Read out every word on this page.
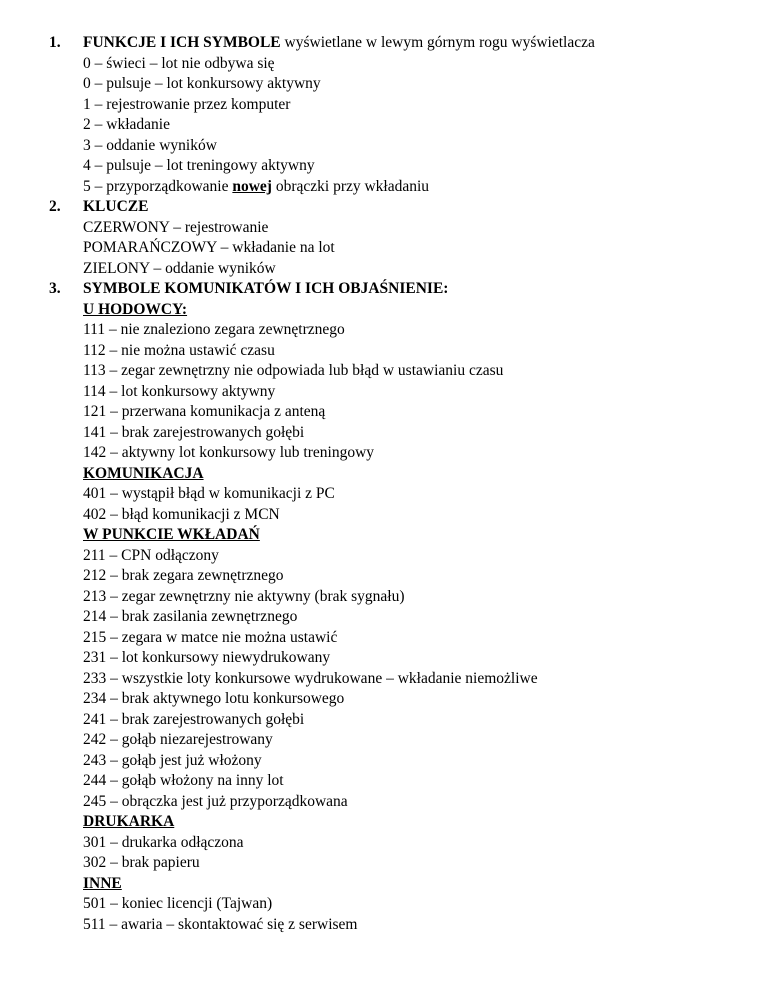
1. FUNKCJE I ICH SYMBOLE wyświetlane w lewym górnym rogu wyświetlacza
0 – świeci – lot nie odbywa się
0 – pulsuje – lot konkursowy aktywny
1 – rejestrowanie przez komputer
2 – wkładanie
3 – oddanie wyników
4 – pulsuje – lot treningowy aktywny
5 – przyporządkowanie nowej obrączki przy wkładaniu
2. KLUCZE
CZERWONY – rejestrowanie
POMARAŃCZOWY – wkładanie na lot
ZIELONY – oddanie wyników
3. SYMBOLE KOMUNIKATÓW I ICH OBJAŚNIENIE:
U HODOWCY:
111 – nie znaleziono zegara zewnętrznego
112 – nie można ustawić czasu
113 – zegar zewnętrzny nie odpowiada lub błąd w ustawianiu czasu
114 – lot konkursowy aktywny
121 – przerwana komunikacja z anteną
141 – brak zarejestrowanych gołębi
142 – aktywny lot konkursowy lub treningowy
KOMUNIKACJA
401 – wystąpił błąd w komunikacji z PC
402 – błąd komunikacji z MCN
W PUNKCIE WKŁADAŃ
211 – CPN odłączony
212 – brak zegara zewnętrznego
213 – zegar zewnętrzny nie aktywny (brak sygnału)
214 – brak zasilania zewnętrznego
215 – zegara w matce nie można ustawić
231 – lot konkursowy niewydrukowany
233 – wszystkie loty konkursowe wydrukowane – wkładanie niemożliwe
234 – brak aktywnego lotu konkursowego
241 – brak zarejestrowanych gołębi
242 – gołąb niezarejestrowany
243 – gołąb jest już włożony
244 – gołąb włożony na inny lot
245 – obrączka jest już przyporządkowana
DRUKARKA
301 – drukarka odłączona
302 – brak papieru
INNE
501 – koniec licencji (Tajwan)
511 – awaria – skontaktować się z serwisem
